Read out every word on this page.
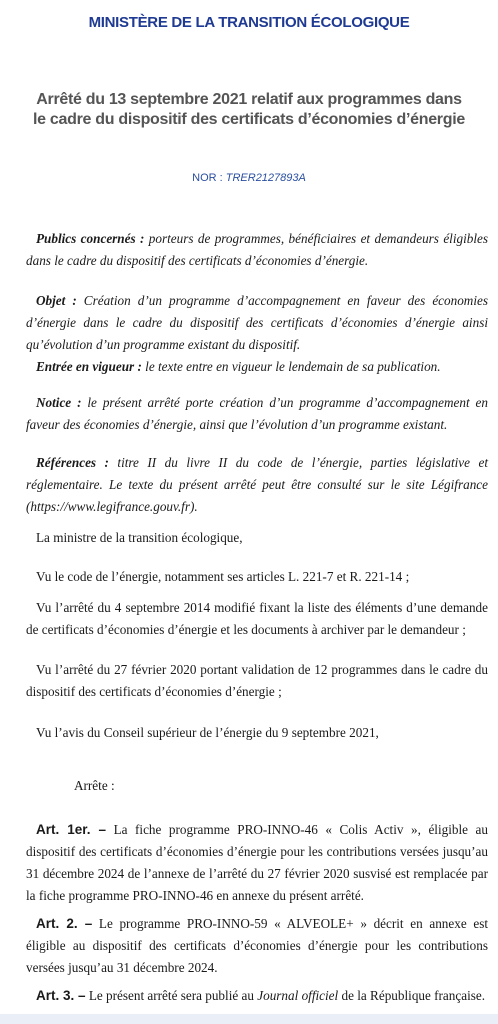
MINISTÈRE DE LA TRANSITION ÉCOLOGIQUE
Arrêté du 13 septembre 2021 relatif aux programmes dans
le cadre du dispositif des certificats d’économies d’énergie
NOR : TRER2127893A
Publics concernés : porteurs de programmes, bénéficiaires et demandeurs éligibles dans le cadre du dispositif des certificats d’économies d’énergie.
Objet : Création d’un programme d’accompagnement en faveur des économies d’énergie dans le cadre du dispositif des certificats d’économies d’énergie ainsi qu’évolution d’un programme existant du dispositif.
Entrée en vigueur : le texte entre en vigueur le lendemain de sa publication.
Notice : le présent arrêté porte création d’un programme d’accompagnement en faveur des économies d’énergie, ainsi que l’évolution d’un programme existant.
Références : titre II du livre II du code de l’énergie, parties législative et réglementaire. Le texte du présent arrêté peut être consulté sur le site Légifrance (https://www.legifrance.gouv.fr).
La ministre de la transition écologique,
Vu le code de l’énergie, notamment ses articles L. 221-7 et R. 221-14 ;
Vu l’arrêté du 4 septembre 2014 modifié fixant la liste des éléments d’une demande de certificats d’économies d’énergie et les documents à archiver par le demandeur ;
Vu l’arrêté du 27 février 2020 portant validation de 12 programmes dans le cadre du dispositif des certificats d’économies d’énergie ;
Vu l’avis du Conseil supérieur de l’énergie du 9 septembre 2021,
Arrête :
Art. 1er. – La fiche programme PRO-INNO-46 « Colis Activ », éligible au dispositif des certificats d’économies d’énergie pour les contributions versées jusqu’au 31 décembre 2024 de l’annexe de l’arrêté du 27 février 2020 susvisé est remplacée par la fiche programme PRO-INNO-46 en annexe du présent arrêté.
Art. 2. – Le programme PRO-INNO-59 « ALVEOLE+ » décrit en annexe est éligible au dispositif des certificats d’économies d’énergie pour les contributions versées jusqu’au 31 décembre 2024.
Art. 3. – Le présent arrêté sera publié au Journal officiel de la République française.
